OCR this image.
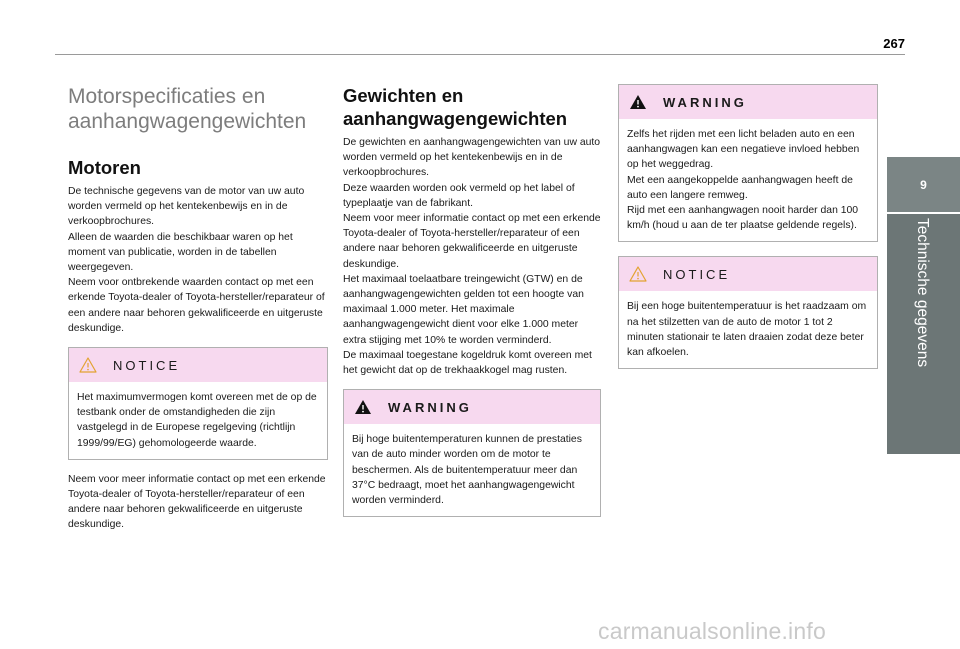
267
9
Technische gegevens
Motorspecificaties en aanhangwagengewichten
Motoren
De technische gegevens van de motor van uw auto worden vermeld op het kentekenbewijs en in de verkoopbrochures.
Alleen de waarden die beschikbaar waren op het moment van publicatie, worden in de tabellen weergegeven.
Neem voor ontbrekende waarden contact op met een erkende Toyota-dealer of Toyota-hersteller/reparateur of een andere naar behoren gekwalificeerde en uitgeruste deskundige.
NOTICE
Het maximumvermogen komt overeen met de op de testbank onder de omstandigheden die zijn vastgelegd in de Europese regelgeving (richtlijn 1999/99/EG) gehomologeerde waarde.
Neem voor meer informatie contact op met een erkende Toyota-dealer of Toyota-hersteller/reparateur of een andere naar behoren gekwalificeerde en uitgeruste deskundige.
Gewichten en aanhangwagengewichten
De gewichten en aanhangwagengewichten van uw auto worden vermeld op het kentekenbewijs en in de verkoopbrochures.
Deze waarden worden ook vermeld op het label of typeplaatje van de fabrikant.
Neem voor meer informatie contact op met een erkende Toyota-dealer of Toyota-hersteller/reparateur of een andere naar behoren gekwalificeerde en uitgeruste deskundige.
Het maximaal toelaatbare treingewicht (GTW) en de aanhangwagengewichten gelden tot een hoogte van maximaal 1.000 meter. Het maximale aanhangwagengewicht dient voor elke 1.000 meter extra stijging met 10% te worden verminderd.
De maximaal toegestane kogeldruk komt overeen met het gewicht dat op de trekhaakkogel mag rusten.
WARNING
Bij hoge buitentemperaturen kunnen de prestaties van de auto minder worden om de motor te beschermen. Als de buitentemperatuur meer dan 37°C bedraagt, moet het aanhangwagengewicht worden verminderd.
WARNING
Zelfs het rijden met een licht beladen auto en een aanhangwagen kan een negatieve invloed hebben op het weggedrag.
Met een aangekoppelde aanhangwagen heeft de auto een langere remweg.
Rijd met een aanhangwagen nooit harder dan 100 km/h (houd u aan de ter plaatse geldende regels).
NOTICE
Bij een hoge buitentemperatuur is het raadzaam om na het stilzetten van de auto de motor 1 tot 2 minuten stationair te laten draaien zodat deze beter kan afkoelen.
carmanualsonline.info
